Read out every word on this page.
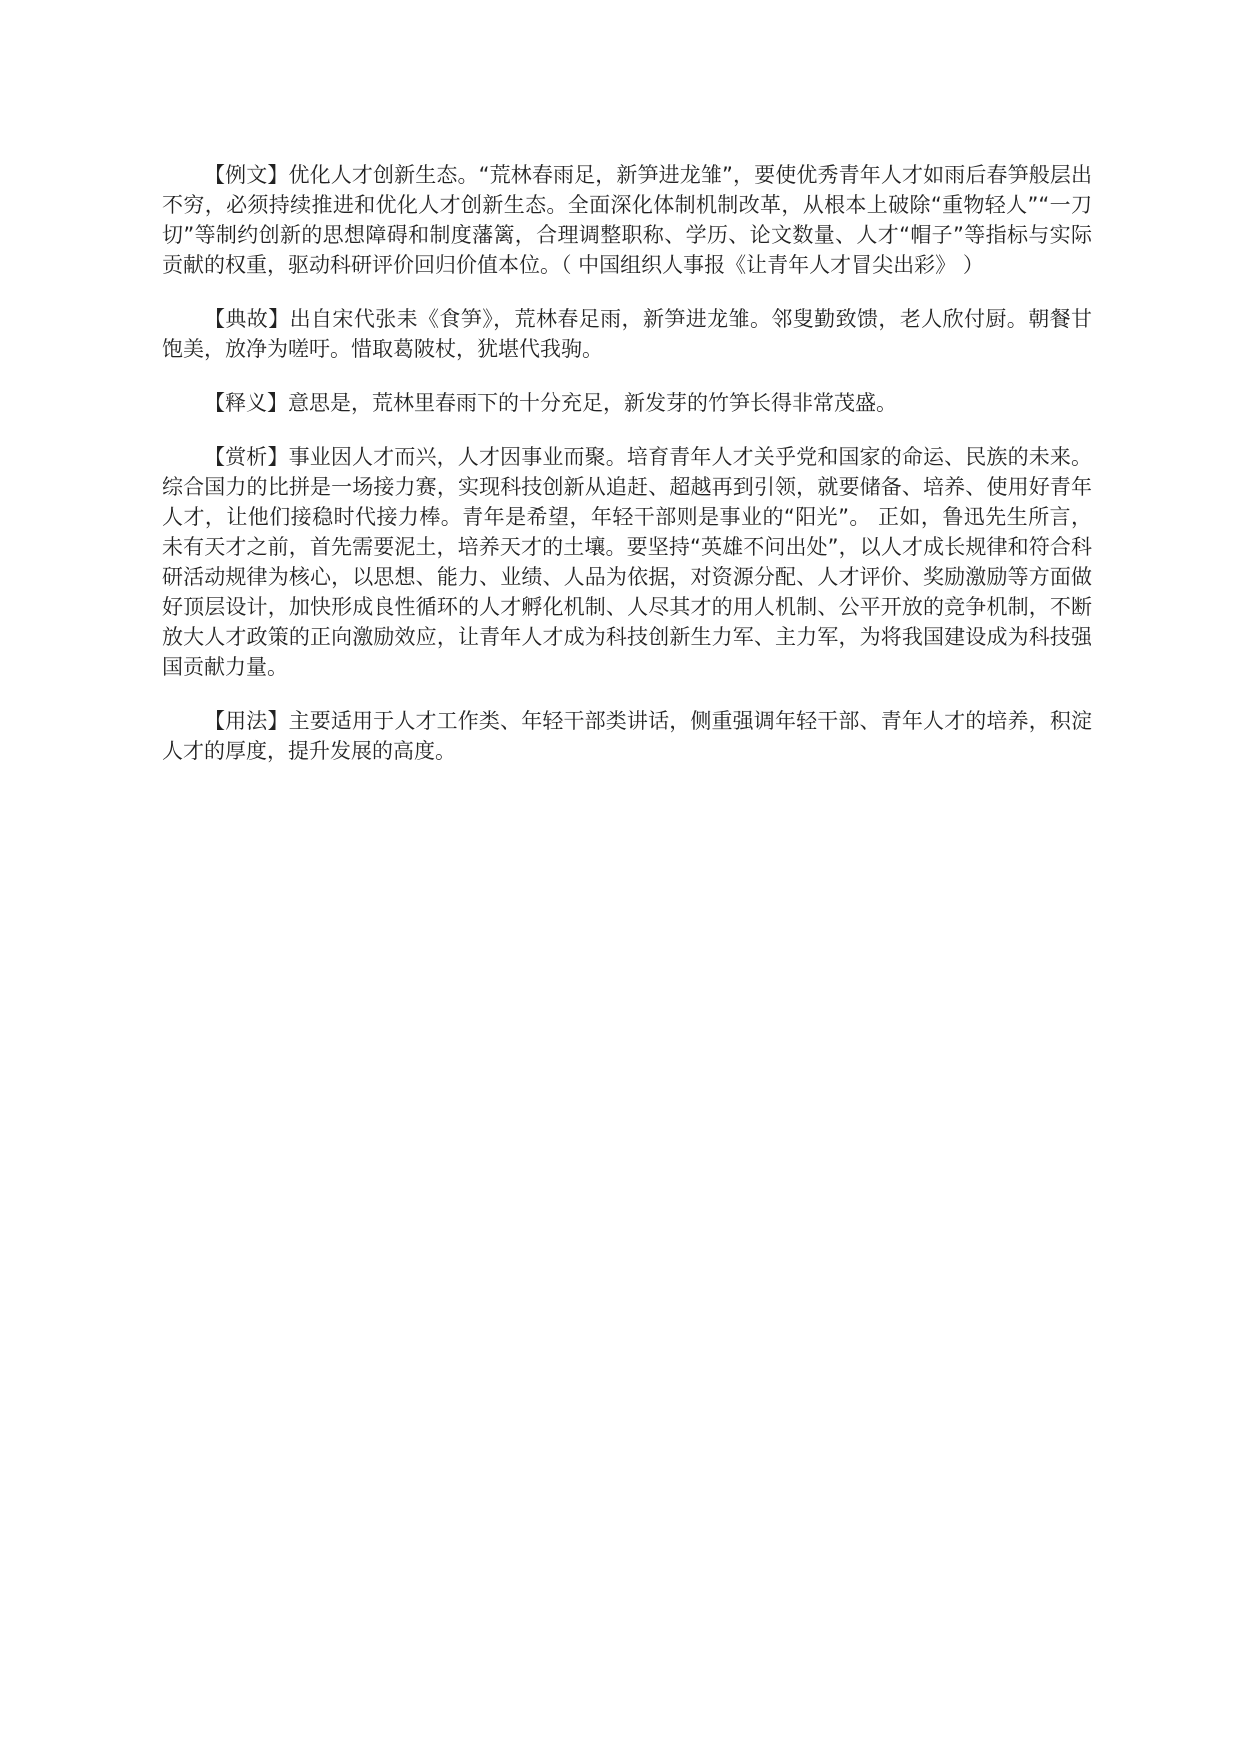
【例文】优化人才创新生态。“荒林春雨足，新笋进龙雏”，要使优秀青年人才如雨后春笋般层出不穷，必须持续推进和优化人才创新生态。全面深化体制机制改革，从根本上破除“重物轻人”“一刀切”等制约创新的思想障碍和制度藩篱，合理调整职称、学历、论文数量、人才“帽子”等指标与实际贡献的权重，驱动科研评价回归价值本位。（ 中国组织人事报《让青年人才冒尖出彩》 ）

【典故】出自宋代张耒《食笋》，荒林春足雨，新笋进龙雏。邻叟勤致馈，老人欣付厨。朝餐甘饱美，放净为嗟吁。惜取葛陂杖，犹堪代我驹。

【释义】意思是，荒林里春雨下的十分充足，新发芽的竹笋长得非常茂盛。

【赏析】事业因人才而兴，人才因事业而聚。培育青年人才关乎党和国家的命运、民族的未来。综合国力的比拼是一场接力赛，实现科技创新从追赶、超越再到引领，就要储备、培养、使用好青年人才，让他们接稳时代接力棒。青年是希望，年轻干部则是事业的“阳光”。 正如，鲁迅先生所言，未有天才之前，首先需要泥土，培养天才的土壤。要坚持“英雄不问出处”，以人才成长规律和符合科研活动规律为核心，以思想、能力、业绩、人品为依据，对资源分配、人才评价、奖励激励等方面做好顶层设计，加快形成良性循环的人才孵化机制、人尽其才的用人机制、公平开放的竞争机制，不断放大人才政策的正向激励效应，让青年人才成为科技创新生力军、主力军，为将我国建设成为科技强国贡献力量。

【用法】主要适用于人才工作类、年轻干部类讲话，侧重强调年轻干部、青年人才的培养，积淀人才的厚度，提升发展的高度。
